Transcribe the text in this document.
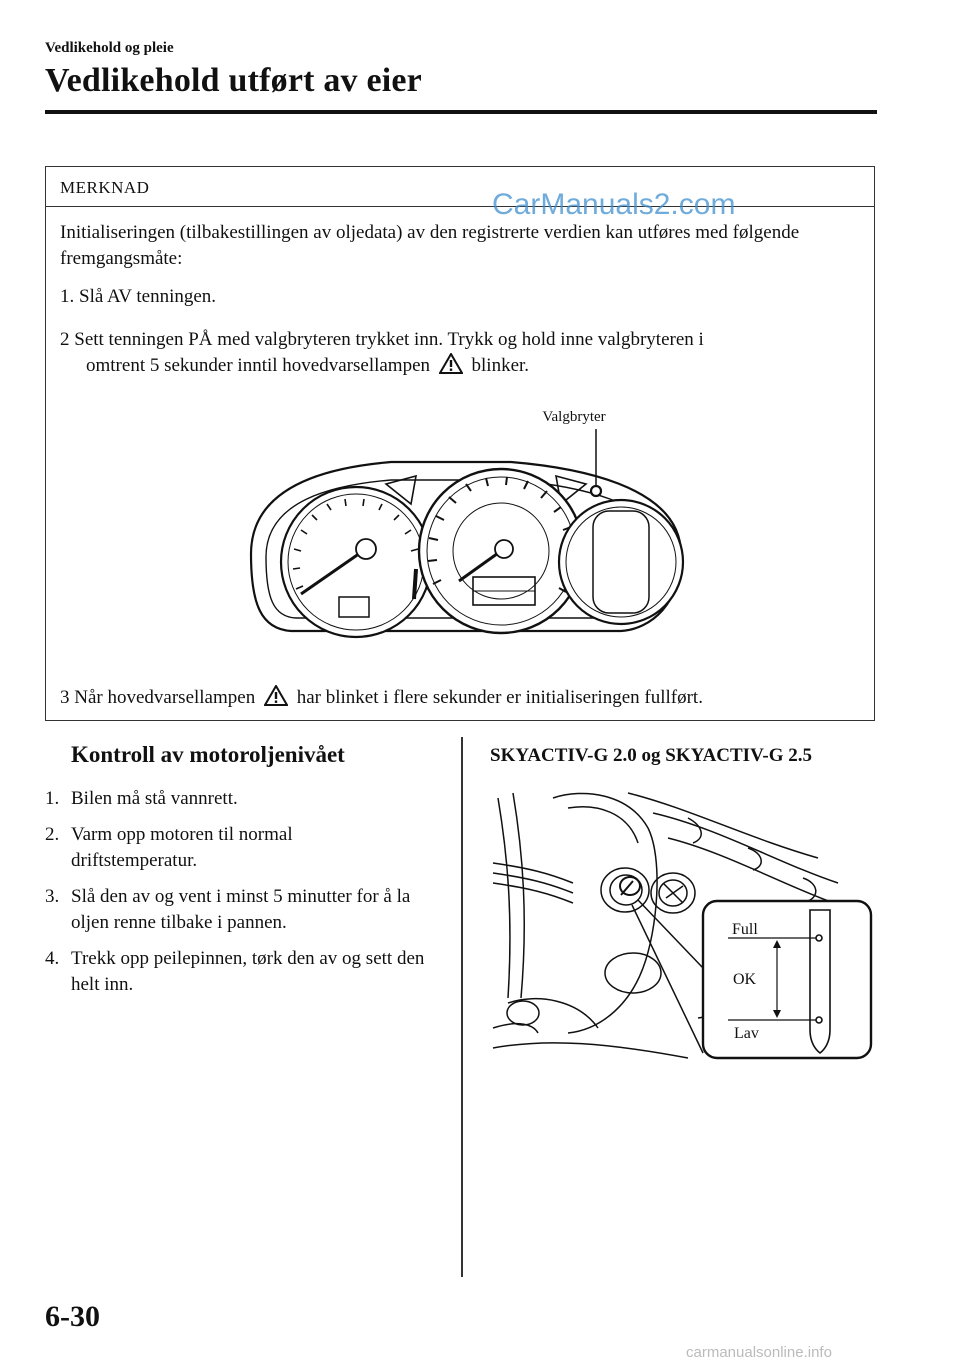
Vedlikehold og pleie
Vedlikehold utført av eier
MERKNAD
Initialiseringen (tilbakestillingen av oljedata) av den registrerte verdien kan utføres med følgende fremgangsmåte:
1. Slå AV tenningen.
2 Sett tenningen PÅ med valgbryteren trykket inn. Trykk og hold inne valgbryteren i
omtrent 5 sekunder inntil hovedvarsellampen blinker.
Valgbryter
3 Når hovedvarsellampen har blinket i flere sekunder er initialiseringen fullført.
CarManuals2.com
Kontroll av motoroljenivået
1. Bilen må stå vannrett.
2. Varm opp motoren til normal driftstemperatur.
3. Slå den av og vent i minst 5 minutter for å la oljen renne tilbake i pannen.
4. Trekk opp peilepinnen, tørk den av og sett den helt inn.
SKYACTIV-G 2.0 og SKYACTIV-G 2.5
Full
OK
Lav
6-30
carmanualsonline.info
